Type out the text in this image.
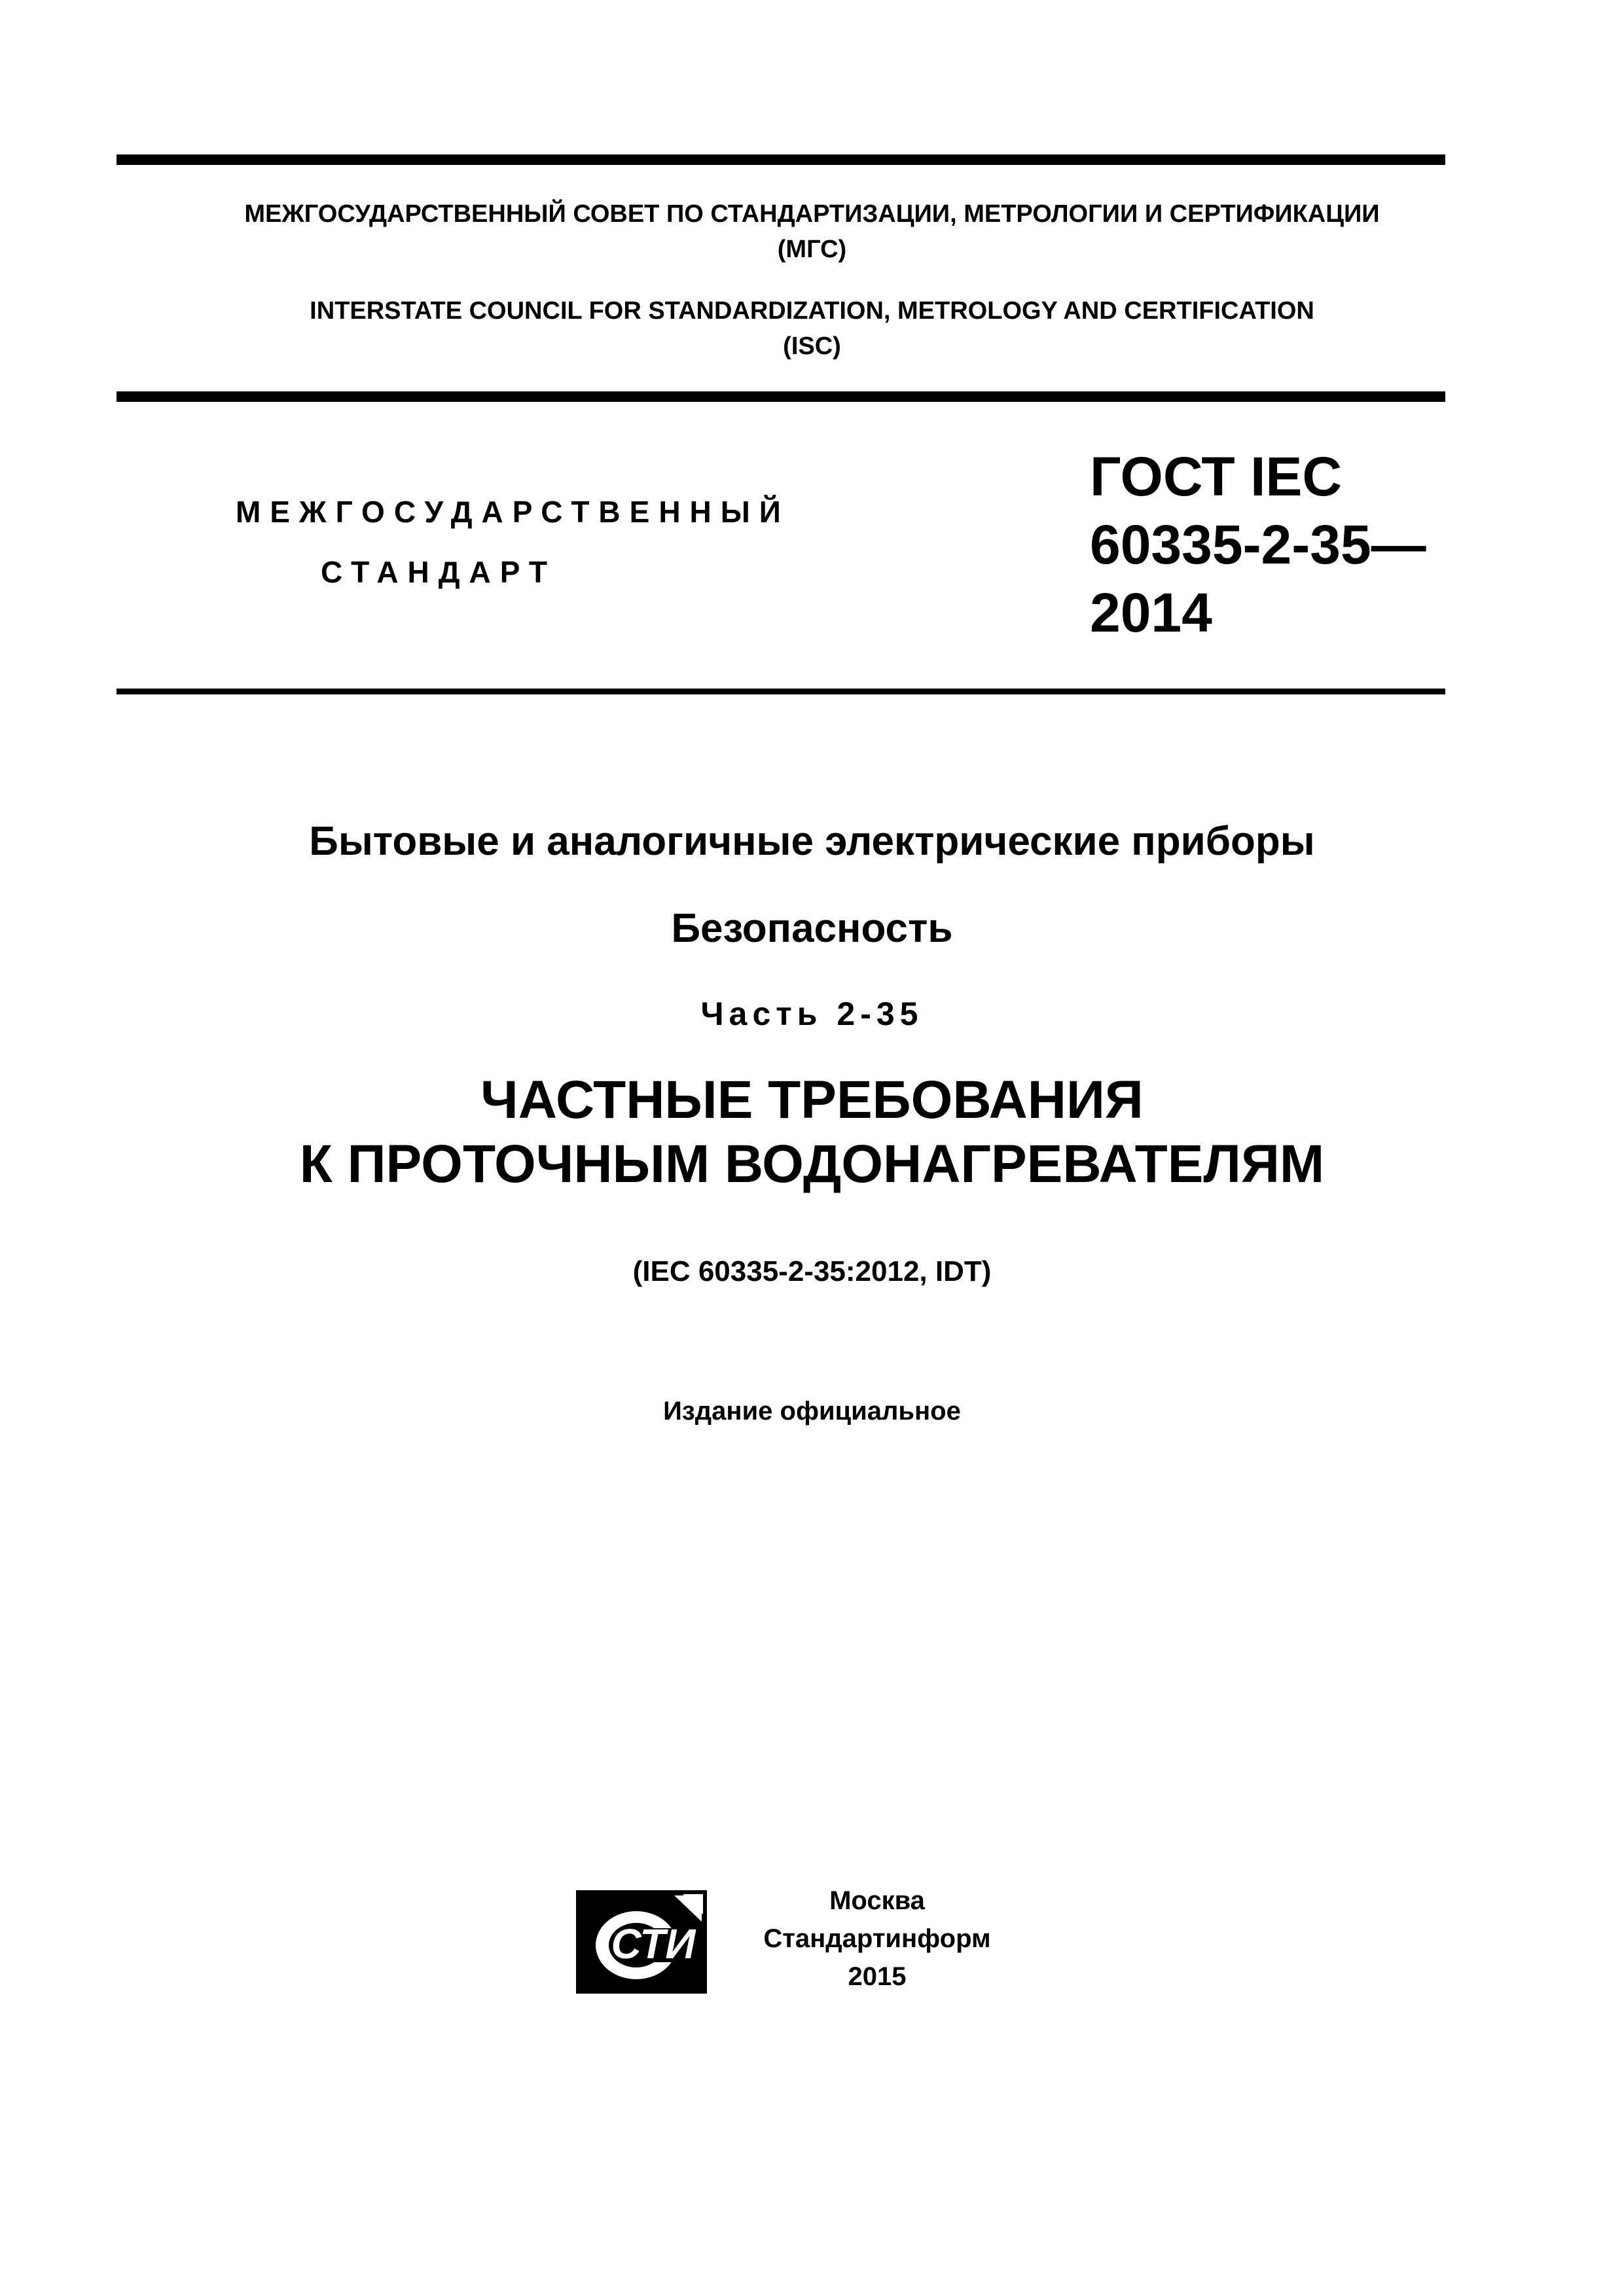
МЕЖГОСУДАРСТВЕННЫЙ СОВЕТ ПО СТАНДАРТИЗАЦИИ, МЕТРОЛОГИИ И СЕРТИФИКАЦИИ
(МГС)
INTERSTATE COUNCIL FOR STANDARDIZATION, METROLOGY AND CERTIFICATION
(ISC)
МЕЖГОСУДАРСТВЕННЫЙ
СТАНДАРТ
ГОСТ IEC
60335-2-35—
2014
Бытовые и аналогичные электрические приборы
Безопасность
Часть 2-35
ЧАСТНЫЕ ТРЕБОВАНИЯ
К ПРОТОЧНЫМ ВОДОНАГРЕВАТЕЛЯМ
(IEC 60335-2-35:2012, IDT)
Издание официальное
СТИ
Москва
Стандартинформ
2015
